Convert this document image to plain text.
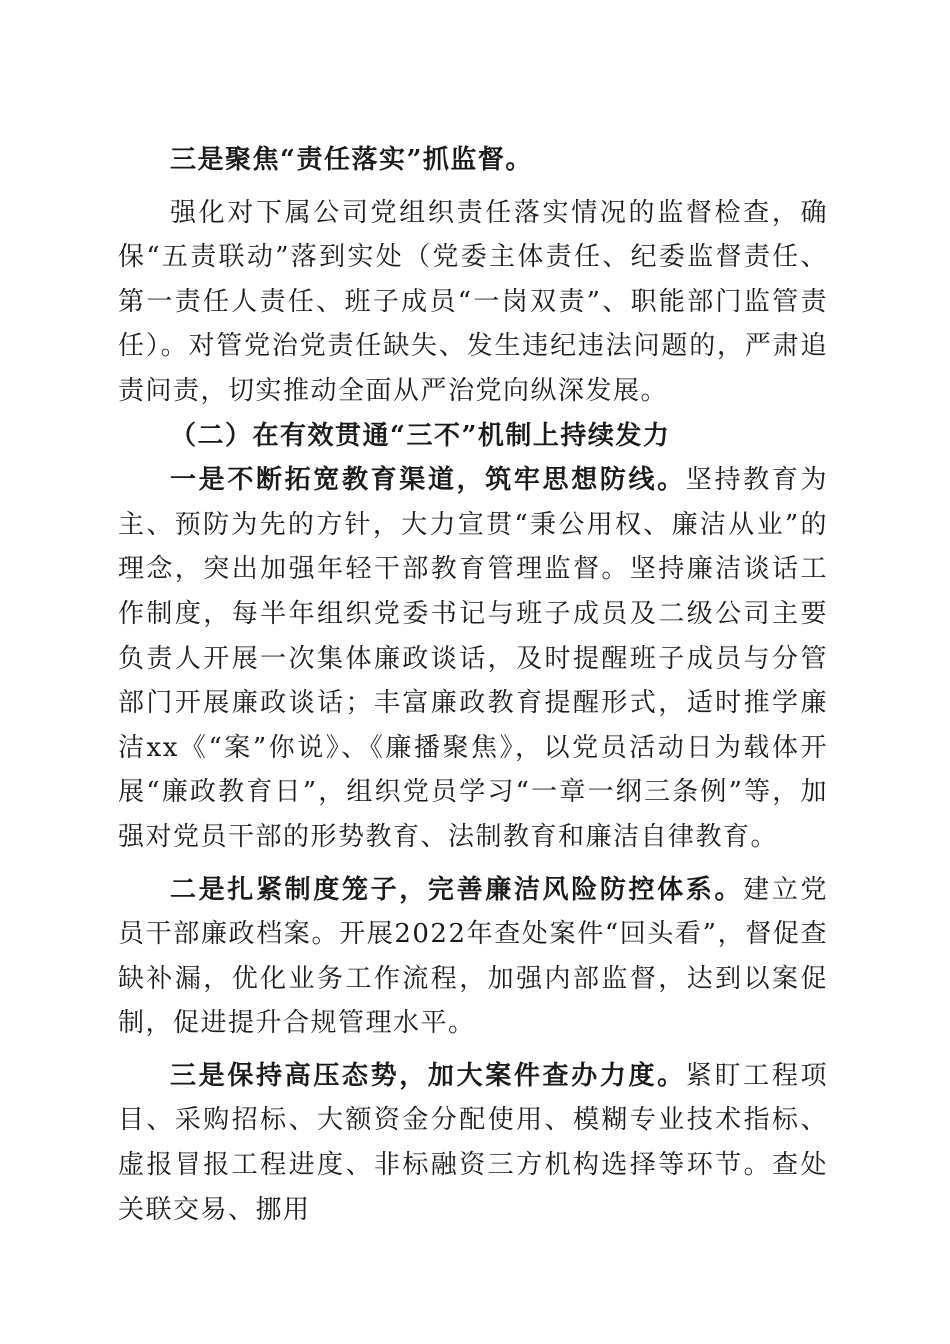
三是聚焦“责任落实”抓监督。

强化对下属公司党组织责任落实情况的监督检查，确保“五责联动”落到实处（党委主体责任、纪委监督责任、第一责任人责任、班子成员“一岗双责”、职能部门监管责任）。对管党治党责任缺失、发生违纪违法问题的，严肃追责问责，切实推动全面从严治党向纵深发展。

（二）在有效贯通“三不”机制上持续发力

一是不断拓宽教育渠道，筑牢思想防线。坚持教育为主、预防为先的方针，大力宣贯“秉公用权、廉洁从业”的理念，突出加强年轻干部教育管理监督。坚持廉洁谈话工作制度，每半年组织党委书记与班子成员及二级公司主要负责人开展一次集体廉政谈话，及时提醒班子成员与分管部门开展廉政谈话；丰富廉政教育提醒形式，适时推学廉洁xx《“案”你说》、《廉播聚焦》，以党员活动日为载体开展“廉政教育日”，组织党员学习“一章一纲三条例”等，加强对党员干部的形势教育、法制教育和廉洁自律教育。

二是扎紧制度笼子，完善廉洁风险防控体系。建立党员干部廉政档案。开展2022年查处案件“回头看”，督促查缺补漏，优化业务工作流程，加强内部监督，达到以案促制，促进提升合规管理水平。

三是保持高压态势，加大案件查办力度。紧盯工程项目、采购招标、大额资金分配使用、模糊专业技术指标、虚报冒报工程进度、非标融资三方机构选择等环节。查处关联交易、挪用
